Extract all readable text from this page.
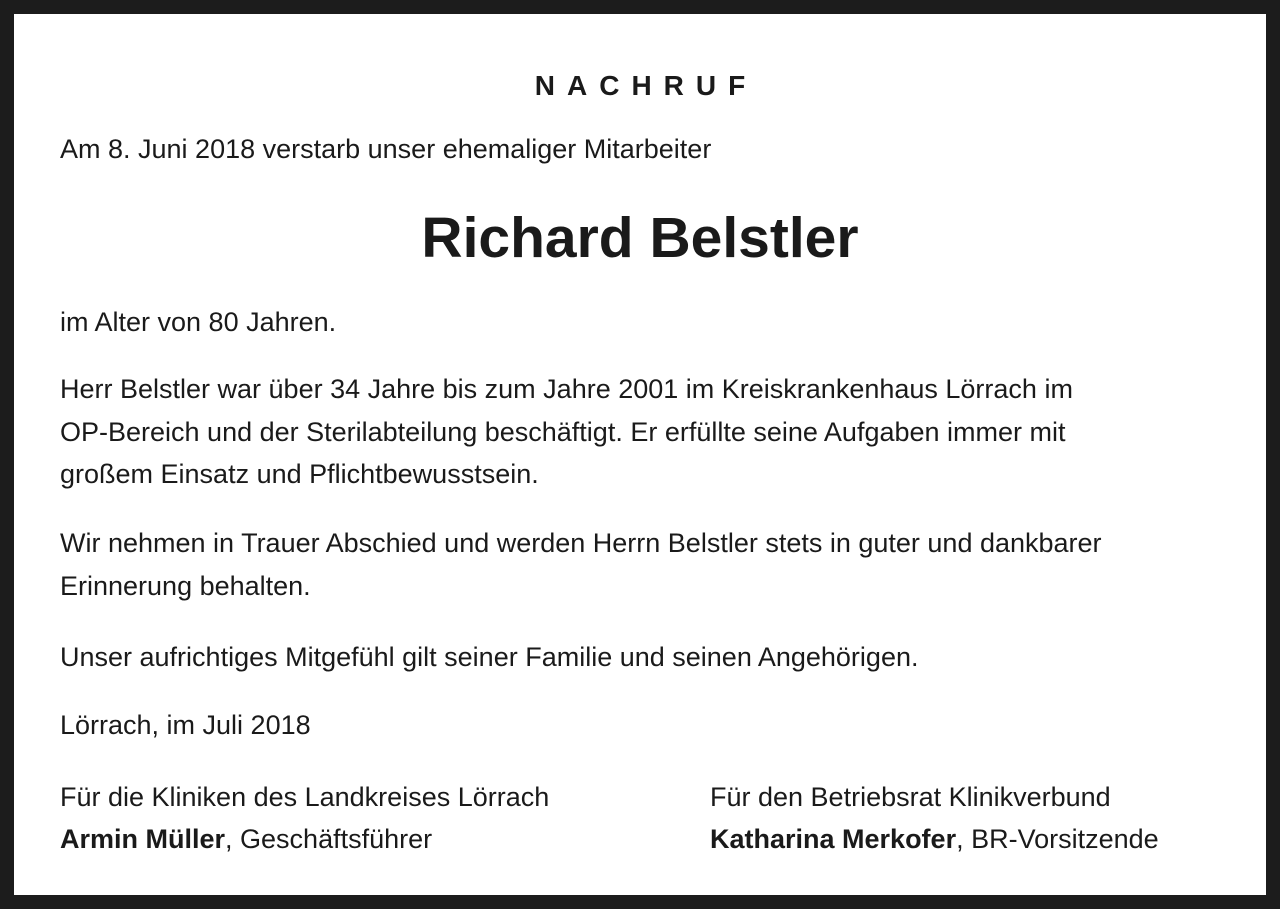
NACHRUF

Am 8. Juni 2018 verstarb unser ehemaliger Mitarbeiter

Richard Belstler

im Alter von 80 Jahren.

Herr Belstler war über 34 Jahre bis zum Jahre 2001 im Kreiskrankenhaus Lörrach im

OP-Bereich und der Sterilabteilung beschäftigt. Er erfüllte seine Aufgaben immer mit

großem Einsatz und Pflichtbewusstsein.

Wir nehmen in Trauer Abschied und werden Herrn Belstler stets in guter und dankbarer

Erinnerung behalten.

Unser aufrichtiges Mitgefühl gilt seiner Familie und seinen Angehörigen.

Lörrach, im Juli 2018

Für die Kliniken des Landkreises Lörrach
Armin Müller, Geschäftsführer
Für den Betriebsrat Klinikverbund
Katharina Merkofer, BR-Vorsitzende
